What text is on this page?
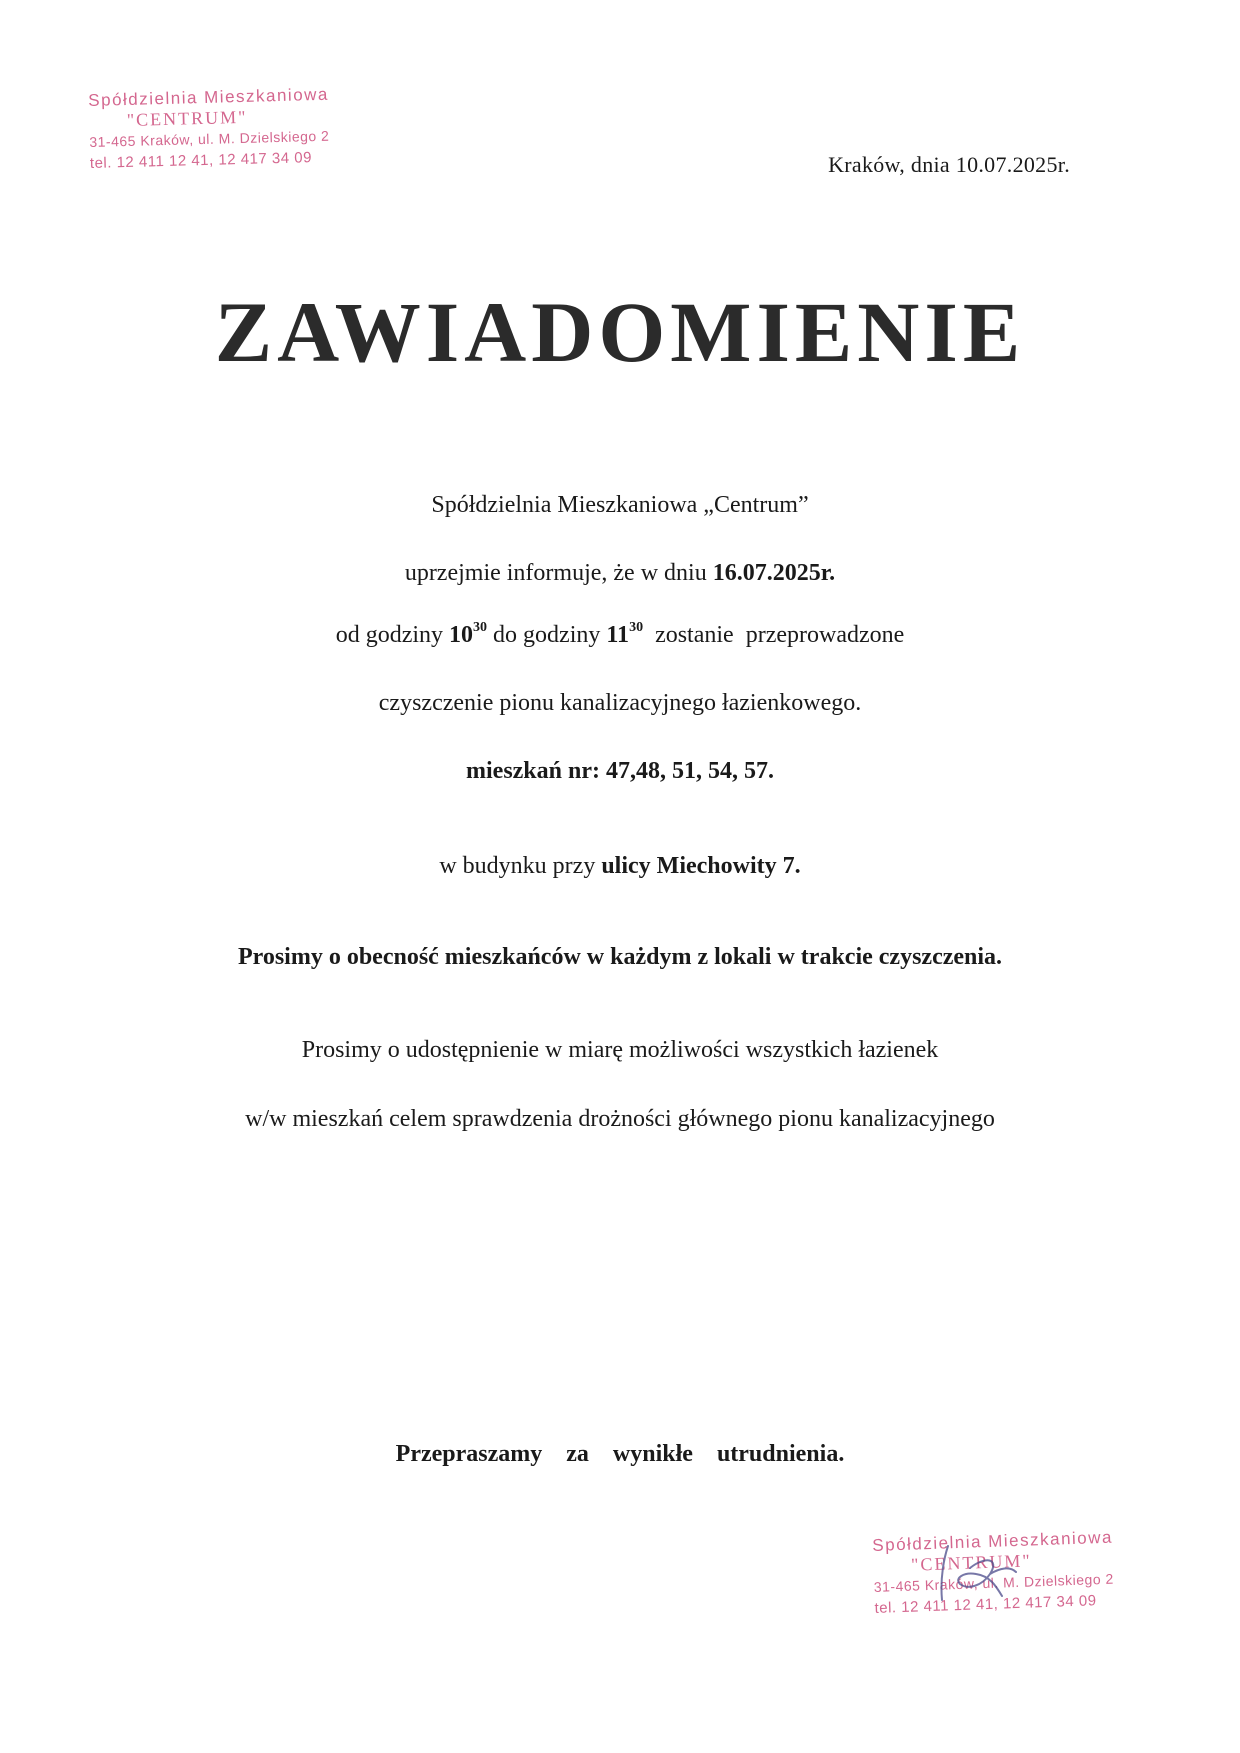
Spółdzielnia Mieszkaniowa
"CENTRUM"
31-465 Kraków, ul. M. Dzielskiego 2
tel. 12 411 12 41, 12 417 34 09	Kraków, dnia 10.07.2025r.
ZAWIADOMIENIE
Spółdzielnia Mieszkaniowa „Centrum”
uprzejmie informuje, że w dniu 16.07.2025r.
od godziny $10^{30}$ do godziny $11^{30}$  zostanie  przeprowadzone
czyszczenie pionu kanalizacyjnego łazienkowego.
mieszkań nr: 47,48, 51, 54, 57.
w budynku przy ulicy Miechowity 7.
Prosimy o obecność mieszkańców w każdym z lokali w trakcie czyszczenia.
Prosimy o udostępnienie w miarę możliwości wszystkich łazienek
w/w mieszkań celem sprawdzenia drożności głównego pionu kanalizacyjnego
Przepraszamy  za  wynikłe  utrudnienia.
Spółdzielnia Mieszkaniowa
"CENTRUM"
31-465 Kraków, ul. M. Dzielskiego 2
tel. 12 411 12 41, 12 417 34 09
